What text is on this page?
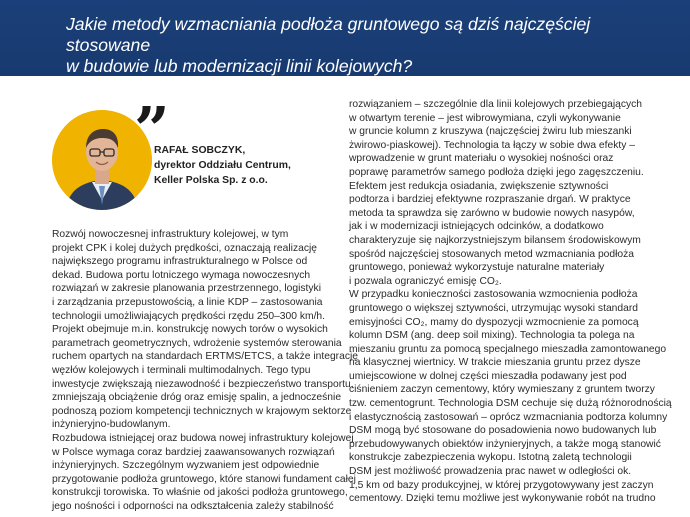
Jakie metody wzmacniania podłoża gruntowego są dziś najczęściej stosowane
w budowie lub modernizacji linii kolejowych?
”
RAFAŁ SOBCZYK,
dyrektor Oddziału Centrum,
Keller Polska Sp. z o.o.
Rozwój nowoczesnej infrastruktury kolejowej, w tym
projekt CPK i kolej dużych prędkości, oznaczają realizację
największego programu infrastrukturalnego w Polsce od
dekad. Budowa portu lotniczego wymaga nowoczesnych
rozwiązań w zakresie planowania przestrzennego, logistyki
i zarządzania przepustowością, a linie KDP – zastosowania
technologii umożliwiających prędkości rzędu 250–300 km/h.
Projekt obejmuje m.in. konstrukcję nowych torów o wysokich
parametrach geometrycznych, wdrożenie systemów sterowania
ruchem opartych na standardach ERTMS/ETCS, a także integrację
węzłów kolejowych i terminali multimodalnych. Tego typu
inwestycje zwiększają niezawodność i bezpieczeństwo transportu,
zmniejszają obciążenie dróg oraz emisję spalin, a jednocześnie
podnoszą poziom kompetencji technicznych w krajowym sektorze
inżynieryjno-budowlanym.
Rozbudowa istniejącej oraz budowa nowej infrastruktury kolejowej
w Polsce wymaga coraz bardziej zaawansowanych rozwiązań
inżynieryjnych. Szczególnym wyzwaniem jest odpowiednie
przygotowanie podłoża gruntowego, które stanowi fundament całej
konstrukcji torowiska. To właśnie od jakości podłoża gruntowego,
jego nośności i odporności na odkształcenia zależy stabilność
rozwiązaniem – szczególnie dla linii kolejowych przebiegających
w otwartym terenie – jest wibrowymiana, czyli wykonywanie
w gruncie kolumn z kruszywa (najczęściej żwiru lub mieszanki
żwirowo-piaskowej). Technologia ta łączy w sobie dwa efekty –
wprowadzenie w grunt materiału o wysokiej nośności oraz
poprawę parametrów samego podłoża dzięki jego zagęszczeniu.
Efektem jest redukcja osiadania, zwiększenie sztywności
podtorza i bardziej efektywne rozpraszanie drgań. W praktyce
metoda ta sprawdza się zarówno w budowie nowych nasypów,
jak i w modernizacji istniejących odcinków, a dodatkowo
charakteryzuje się najkorzystniejszym bilansem środowiskowym
spośród najczęściej stosowanych metod wzmacniania podłoża
gruntowego, ponieważ wykorzystuje naturalne materiały
i pozwala ograniczyć emisję CO₂.
W przypadku konieczności zastosowania wzmocnienia podłoża
gruntowego o większej sztywności, utrzymując wysoki standard
emisyjności CO₂, mamy do dyspozycji wzmocnienie za pomocą
kolumn DSM (ang. deep soil mixing). Technologia ta polega na
mieszaniu gruntu za pomocą specjalnego mieszadła zamontowanego
na klasycznej wiertnicy. W trakcie mieszania gruntu przez dysze
umiejscowione w dolnej części mieszadła podawany jest pod
ciśnieniem zaczyn cementowy, który wymieszany z gruntem tworzy
tzw. cementogrunt. Technologia DSM cechuje się dużą różnorodnością
i elastycznością zastosowań – oprócz wzmacniania podtorza kolumny
DSM mogą być stosowane do posadowienia nowo budowanych lub
przebudowywanych obiektów inżynieryjnych, a także mogą stanowić
konstrukcje zabezpieczenia wykopu. Istotną zaletą technologii
DSM jest możliwość prowadzenia prac nawet w odległości ok.
1,5 km od bazy produkcyjnej, w której przygotowywany jest zaczyn
cementowy. Dzięki temu możliwe jest wykonywanie robót na trudno
